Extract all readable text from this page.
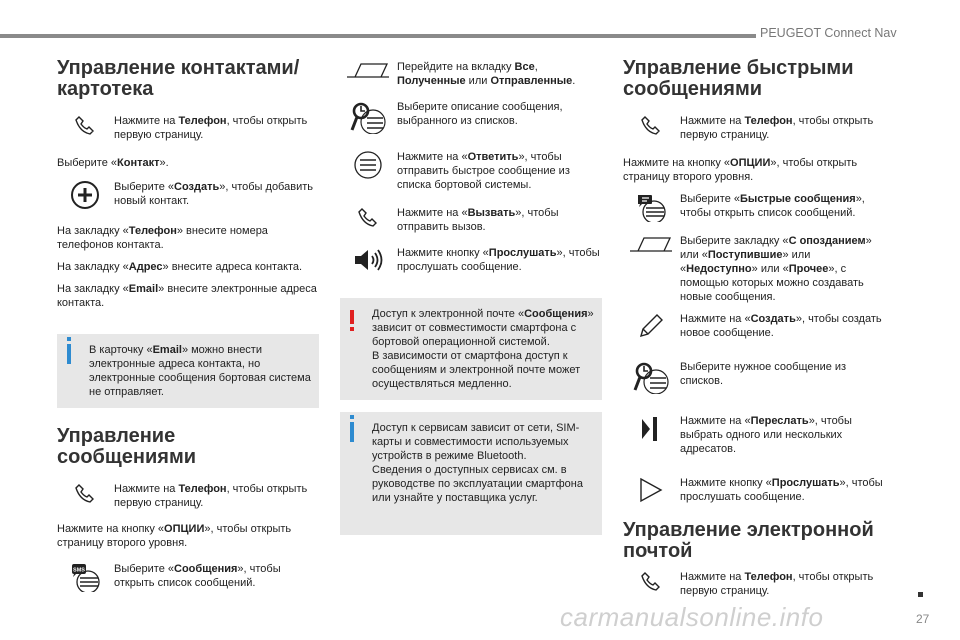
PEUGEOT Connect Nav
Управление контактами/ картотека

Нажмите на Телефон, чтобы открыть первую страницу.

Выберите «Контакт».

Выберите «Создать», чтобы добавить новый контакт.

На закладку «Телефон» внесите номера телефонов контакта.

На закладку «Адрес» внесите адреса контакта.

На закладку «Email» внесите электронные адреса контакта.

В карточку «Email» можно внести электронные адреса контакта, но электронные сообщения бортовая система не отправляет.

Управление сообщениями

Нажмите на Телефон, чтобы открыть первую страницу.

Нажмите на кнопку «ОПЦИИ», чтобы открыть страницу второго уровня.

SMS	Выберите «Сообщения», чтобы открыть список сообщений.

Перейдите на вкладку Все, Полученные или Отправленные.

Выберите описание сообщения, выбранного из списков.

Нажмите на «Ответить», чтобы отправить быстрое сообщение из списка бортовой системы.

Нажмите на «Вызвать», чтобы отправить вызов.

Нажмите кнопку «Прослушать», чтобы прослушать сообщение.

Доступ к электронной почте «Сообщения» зависит от совместимости смартфона с бортовой операционной системой.

В зависимости от смартфона доступ к сообщениям и электронной почте может осуществляться медленно.

Доступ к сервисам зависит от сети, SIM-карты и совместимости используемых устройств в режиме Bluetooth.

Сведения о доступных сервисах см. в руководстве по эксплуатации смартфона или узнайте у поставщика услуг.

Управление быстрыми сообщениями

Нажмите на Телефон, чтобы открыть первую страницу.

Нажмите на кнопку «ОПЦИИ», чтобы открыть страницу второго уровня.

Выберите «Быстрые сообщения», чтобы открыть список сообщений.

Выберите закладку «С опозданием» или «Поступившие» или «Недоступно» или «Прочее», с помощью которых можно создавать новые сообщения.

Нажмите на «Создать», чтобы создать новое сообщение.

Выберите нужное сообщение из списков.

Нажмите на «Переслать», чтобы выбрать одного или нескольких адресатов.

Нажмите кнопку «Прослушать», чтобы прослушать сообщение.

Управление электронной почтой

Нажмите на Телефон, чтобы открыть первую страницу.

carmanualsonline.info	27
